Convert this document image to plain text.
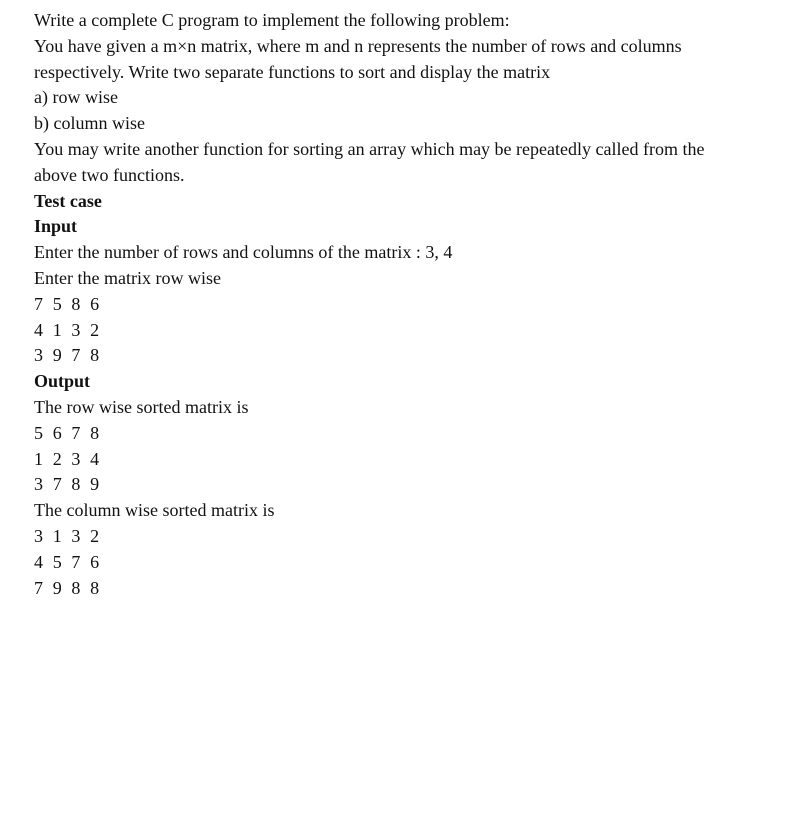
Write a complete C program to implement the following problem:
You have given a m×n matrix, where m and n represents the number of rows and columns
respectively. Write two separate functions to sort and display the matrix
a) row wise
b) column wise
You may write another function for sorting an array which may be repeatedly called from the
above two functions.
Test case
Input
Enter the number of rows and columns of the matrix : 3, 4
Enter the matrix row wise
7 5 8 6
4 1 3 2
3 9 7 8
Output
The row wise sorted matrix is
5 6 7 8
1 2 3 4
3 7 8 9
The column wise sorted matrix is
3 1 3 2
4 5 7 6
7 9 8 8
